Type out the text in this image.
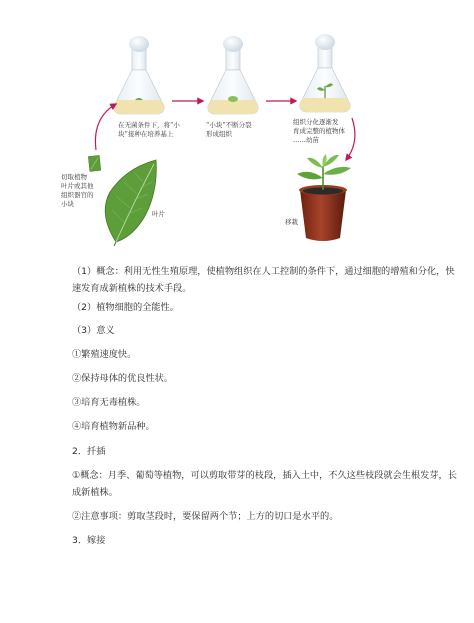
切取植物
叶片或其他
组织器官的
小块
叶片
在无菌条件下，将“小
块”接种在培养基上
“小块”不断分裂
形成组织
组织分化逐渐发
育成完整的植物体
……幼苗
移栽
（1）概念：利用无性生殖原理，使植物组织在人工控制的条件下，通过细胞的增殖和分化，快速发育成新植株的技术手段。
（2）植物细胞的全能性。
（3）意义
①繁殖速度快。
②保持母体的优良性状。
③培育无毒植株。
④培育植物新品种。
2．扦插
①概念：月季、葡萄等植物，可以剪取带芽的枝段，插入土中，不久这些枝段就会生根发芽，长成新植株。
②注意事项：剪取茎段时，要保留两个节；上方的切口是水平的。
3．嫁接
